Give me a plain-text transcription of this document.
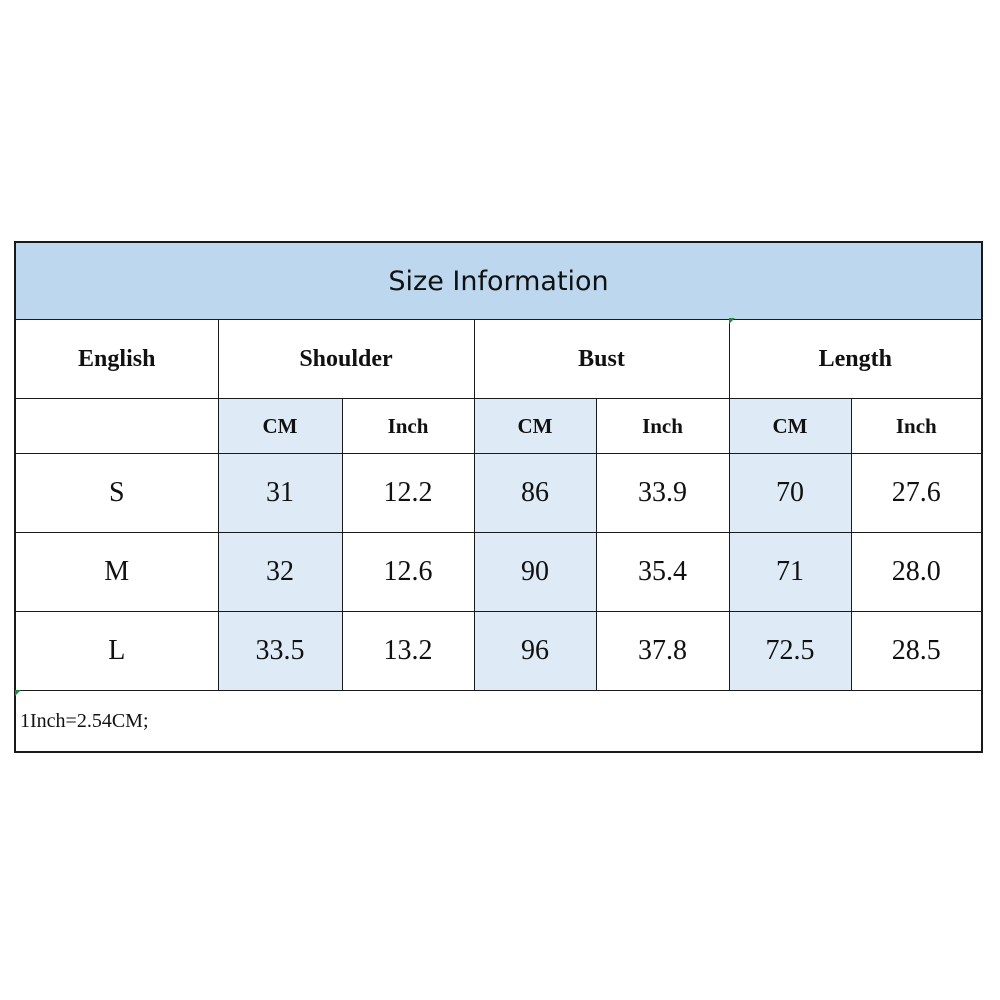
Size Information						
English	Shoulder		Bust		Length	
	CM	Inch	CM	Inch	CM	Inch
S	31	12.2	86	33.9	70	27.6
M	32	12.6	90	35.4	71	28.0
L	33.5	13.2	96	37.8	72.5	28.5
1Inch=2.54CM;						
